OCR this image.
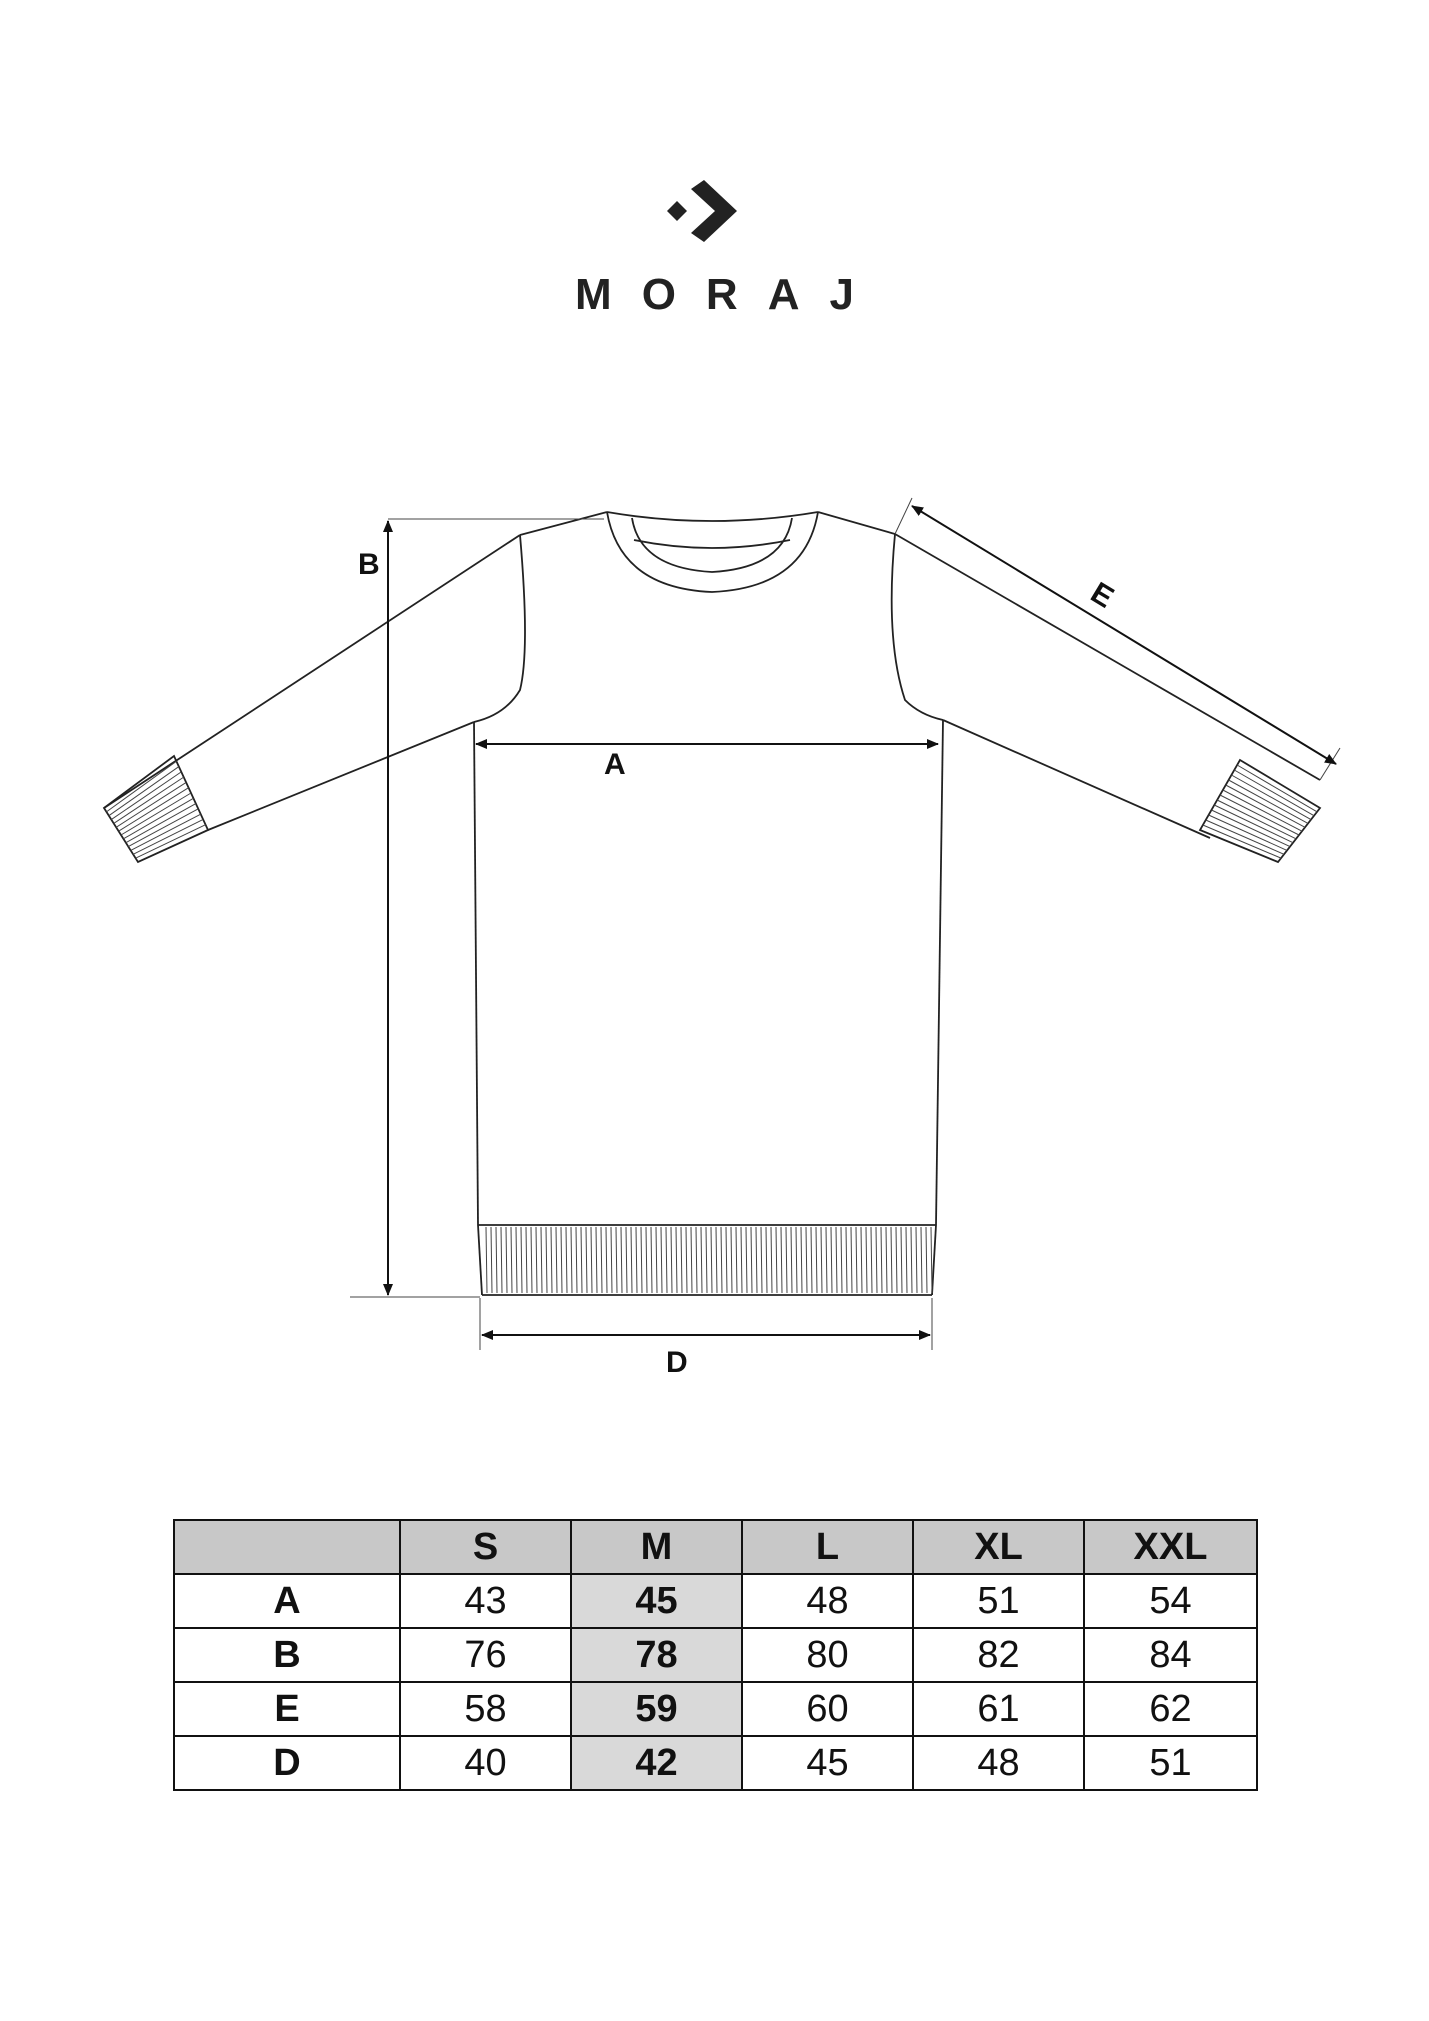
MORAJ
A
B
D
E
	S	M	L	XL	XXL
A	43	45	48	51	54
B	76	78	80	82	84
E	58	59	60	61	62
D	40	42	45	48	51
